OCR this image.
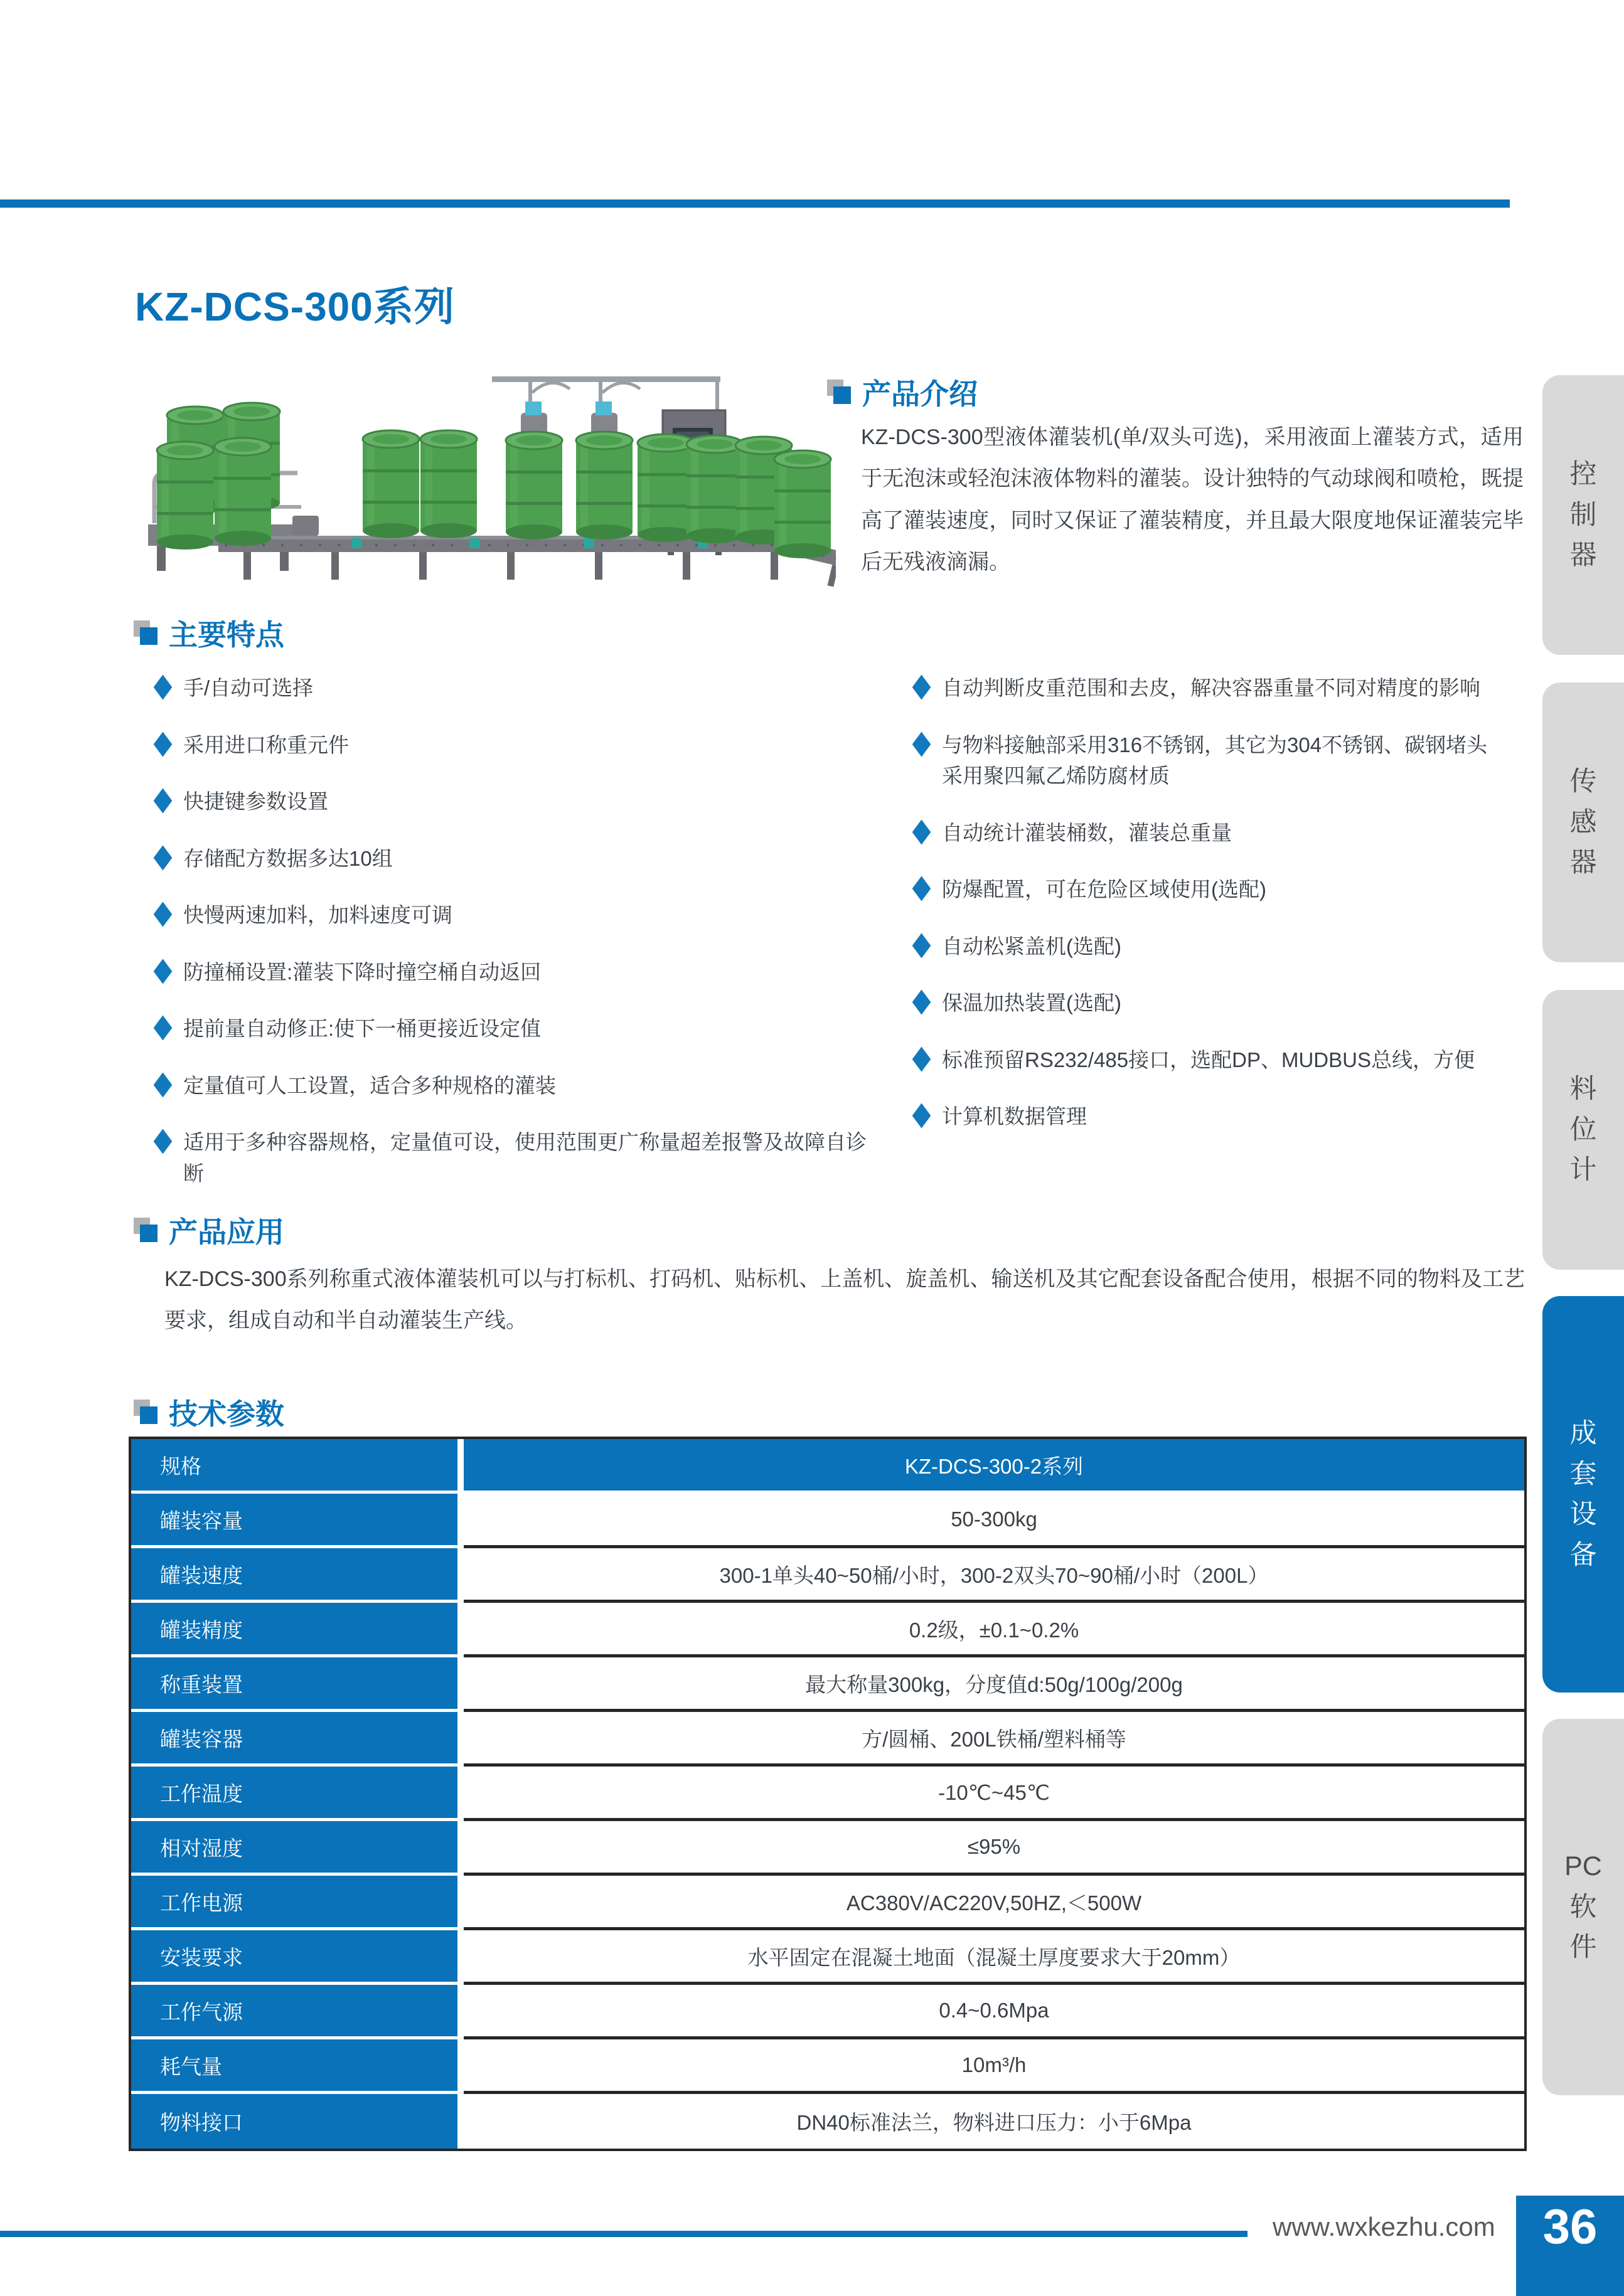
KZ-DCS-300系列
产品介绍
KZ-DCS-300型液体灌装机(单/双头可选)，采用液面上灌装方式，适用于无泡沫或轻泡沫液体物料的灌装。设计独特的气动球阀和喷枪，既提高了灌装速度，同时又保证了灌装精度，并且最大限度地保证灌装完毕后无残液滴漏。
主要特点
手/自动可选择
采用进口称重元件
快捷键参数设置
存储配方数据多达10组
快慢两速加料，加料速度可调
防撞桶设置:灌装下降时撞空桶自动返回
提前量自动修正:使下一桶更接近设定值
定量值可人工设置，适合多种规格的灌装
适用于多种容器规格，定量值可设，使用范围更广称量超差报警及故障自诊断
自动判断皮重范围和去皮，解决容器重量不同对精度的影响
与物料接触部采用316不锈钢，其它为304不锈钢、碳钢堵头采用聚四氟乙烯防腐材质
自动统计灌装桶数，灌装总重量
防爆配置，可在危险区域使用(选配)
自动松紧盖机(选配)
保温加热装置(选配)
标准预留RS232/485接口，选配DP、MUDBUS总线，方便
计算机数据管理
产品应用
KZ-DCS-300系列称重式液体灌装机可以与打标机、打码机、贴标机、上盖机、旋盖机、输送机及其它配套设备配合使用，根据不同的物料及工艺要求，组成自动和半自动灌装生产线。
技术参数
规格	KZ-DCS-300-2系列
罐装容量	50-300kg
罐装速度	300-1单头40~50桶/小时，300-2双头70~90桶/小时（200L）
罐装精度	0.2级，±0.1~0.2%
称重装置	最大称量300kg，分度值d:50g/100g/200g
罐装容器	方/圆桶、200L铁桶/塑料桶等
工作温度	-10℃~45℃
相对湿度	≤95%
工作电源	AC380V/AC220V,50HZ,＜500W
安装要求	水平固定在混凝土地面（混凝土厚度要求大于20mm）
工作气源	0.4~0.6Mpa
耗气量	10m³/h
物料接口	DN40标准法兰，物料进口压力：小于6Mpa
控制器
传感器
料位计
成套设备
PC软件
www.wxkezhu.com 36
